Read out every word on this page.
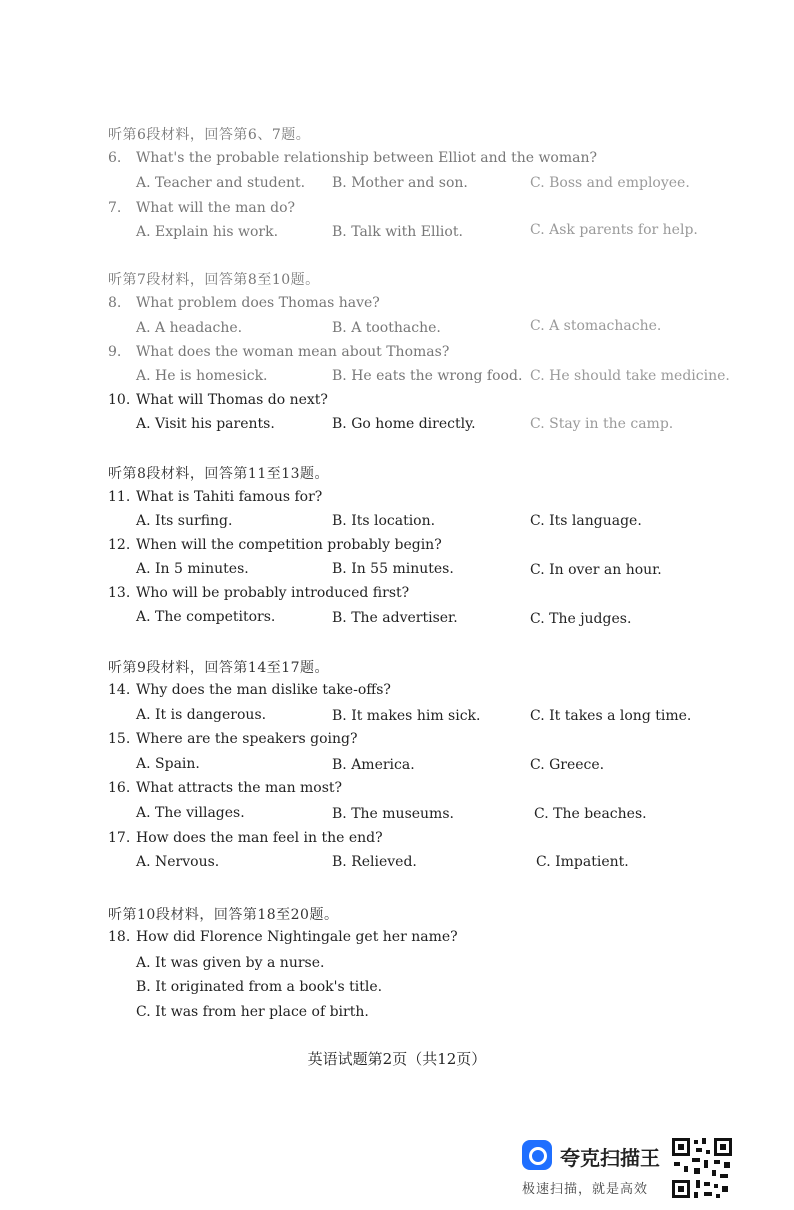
听第6段材料，回答第6、7题。
6. What's the probable relationship between Elliot and the woman?
A. Teacher and student. B. Mother and son.	C. Boss and employee.
7. What will the man do?
A. Explain his work.	B. Talk with Elliot.	C. Ask parents for help.
听第7段材料，回答第8至10题。
8. What problem does Thomas have?
A. A headache.	B. A toothache.	C. A stomachache.
9. What does the woman mean about Thomas?
A. He is homesick.	B. He eats the wrong food. C. He should take medicine.
10. What will Thomas do next?
A. Visit his parents.	B. Go home directly.	C. Stay in the camp.
听第8段材料，回答第11至13题。
11. What is Tahiti famous for?
A. Its surfing.	B. Its location.	C. Its language.
12. When will the competition probably begin?
A. In 5 minutes.	B. In 55 minutes.	C. In over an hour.
13. Who will be probably introduced first?
A. The competitors.	B. The advertiser.	C. The judges.
听第9段材料，回答第14至17题。
14. Why does the man dislike take-offs?
A. It is dangerous.	B. It makes him sick.	C. It takes a long time.
15. Where are the speakers going?
A. Spain.	B. America.	C. Greece.
16. What attracts the man most?
A. The villages.	B. The museums.	C. The beaches.
17. How does the man feel in the end?
A. Nervous.	B. Relieved.	C. Impatient.
听第10段材料，回答第18至20题。
18. How did Florence Nightingale get her name?
A. It was given by a nurse.
B. It originated from a book's title.
C. It was from her place of birth.
英语试题第2页（共12页）
夸克扫描王
极速扫描，就是高效
